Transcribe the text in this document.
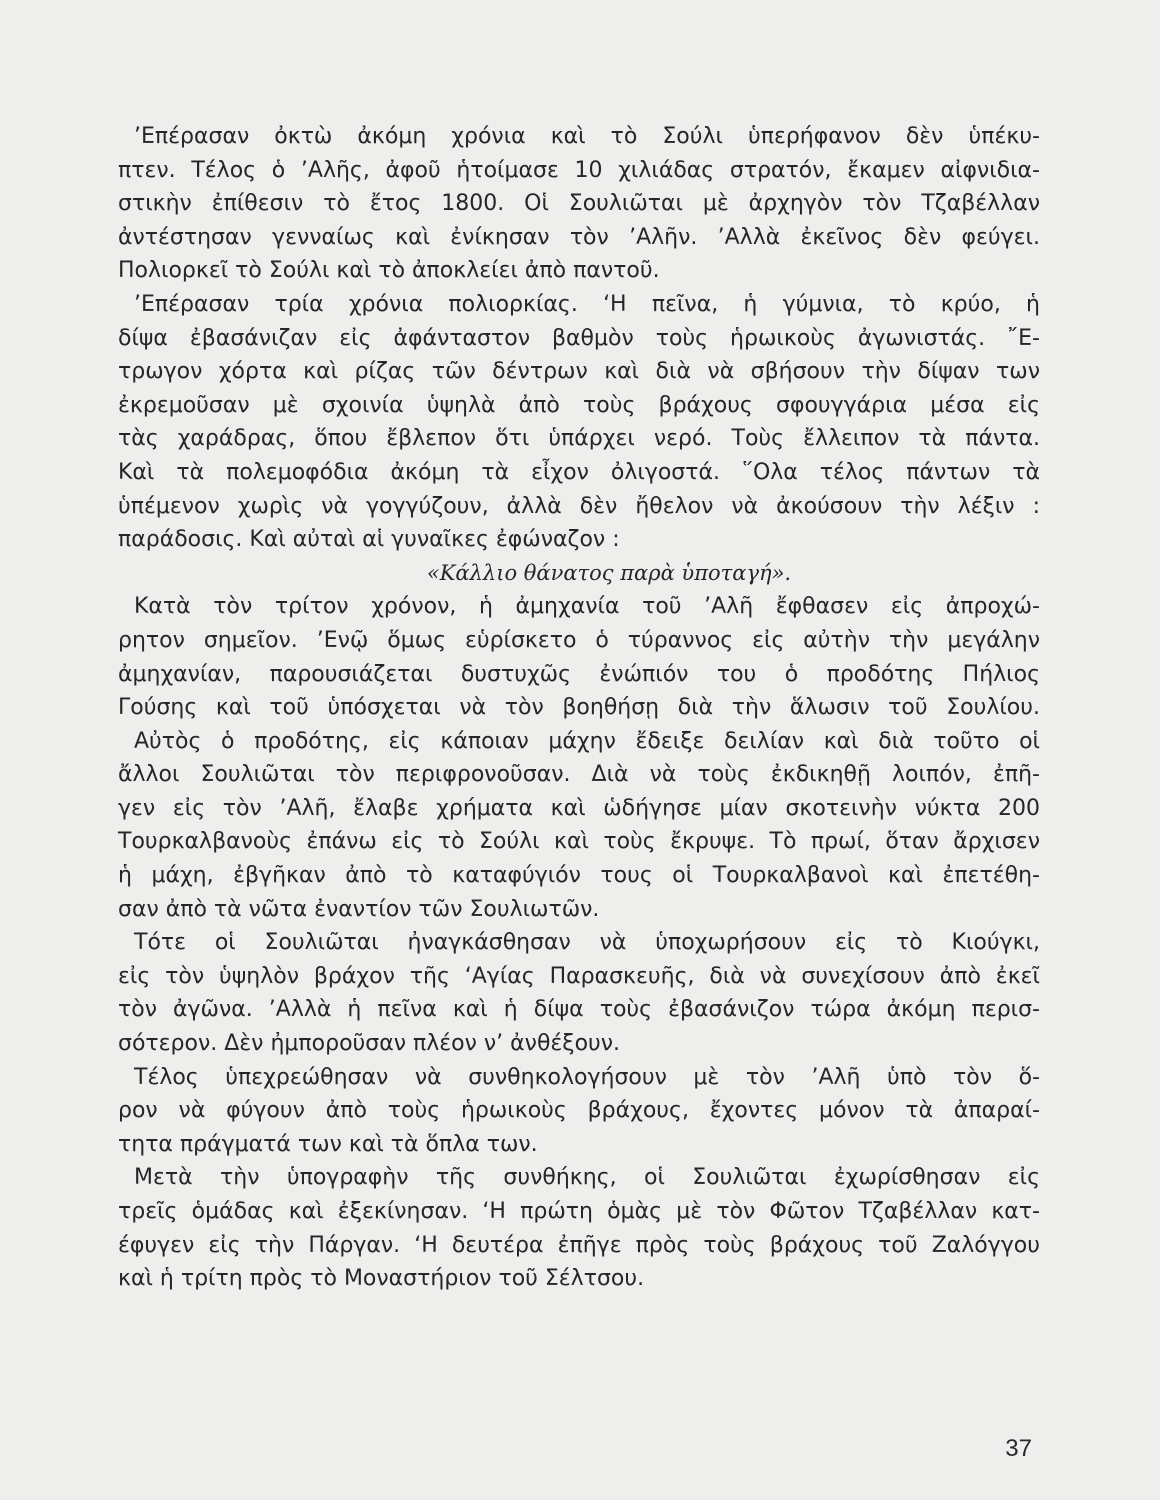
’Επέρασαν ὀκτὼ ἀκόμη χρόνια καὶ τὸ Σούλι ὑπερήφανον δὲν ὑπέκυ-
πτεν. Τέλος ὁ ’Αλῆς, ἀφοῦ ἡτοίμασε 10 χιλιάδας στρατόν, ἔκαμεν αἰφνιδια-
στικὴν ἐπίθεσιν τὸ ἔτος 1800. Οἱ Σουλιῶται μὲ ἀρχηγὸν τὸν Τζαβέλλαν
ἀντέστησαν γενναίως καὶ ἐνίκησαν τὸν ’Αλῆν. ’Αλλὰ ἐκεῖνος δὲν φεύγει.
Πολιορκεῖ τὸ Σούλι καὶ τὸ ἀποκλείει ἀπὸ παντοῦ.
’Επέρασαν τρία χρόνια πολιορκίας. ‘Η πεῖνα, ἡ γύμνια, τὸ κρύο, ἡ
δίψα ἐβασάνιζαν εἰς ἀφάνταστον βαθμὸν τοὺς ἡρωικοὺς ἀγωνιστάς. ῎Ε-
τρωγον χόρτα καὶ ρίζας τῶν δέντρων καὶ διὰ νὰ σβήσουν τὴν δίψαν των
ἐκρεμοῦσαν μὲ σχοινία ὑψηλὰ ἀπὸ τοὺς βράχους σφουγγάρια μέσα εἰς
τὰς χαράδρας, ὅπου ἔβλεπον ὅτι ὑπάρχει νερό. Τοὺς ἔλλειπον τὰ πάντα.
Καὶ τὰ πολεμοφόδια ἀκόμη τὰ εἶχον ὀλιγοστά. ῞Ολα τέλος πάντων τὰ
ὑπέμενον χωρὶς νὰ γογγύζουν, ἀλλὰ δὲν ἤθελον νὰ ἀκούσουν τὴν λέξιν :
παράδοσις. Καὶ αὐταὶ αἱ γυναῖκες ἐφώναζον :
«Κάλλιο θάνατος παρὰ ὑποταγή».
Κατὰ τὸν τρίτον χρόνον, ἡ ἀμηχανία τοῦ ’Αλῆ ἔφθασεν εἰς ἀπροχώ-
ρητον σημεῖον. ’Ενῷ ὅμως εὑρίσκετο ὁ τύραννος εἰς αὐτὴν τὴν μεγάλην
ἀμηχανίαν, παρουσιάζεται δυστυχῶς ἐνώπιόν του ὁ προδότης Πήλιος
Γούσης καὶ τοῦ ὑπόσχεται νὰ τὸν βοηθήσῃ διὰ τὴν ἅλωσιν τοῦ Σουλίου.
Αὐτὸς ὁ προδότης, εἰς κάποιαν μάχην ἔδειξε δειλίαν καὶ διὰ τοῦτο οἱ
ἄλλοι Σουλιῶται τὸν περιφρονοῦσαν. Διὰ νὰ τοὺς ἐκδικηθῇ λοιπόν, ἐπῆ-
γεν εἰς τὸν ’Αλῆ, ἔλαβε χρήματα καὶ ὡδήγησε μίαν σκοτεινὴν νύκτα 200
Τουρκαλβανοὺς ἐπάνω εἰς τὸ Σούλι καὶ τοὺς ἔκρυψε. Τὸ πρωί, ὅταν ἄρχισεν
ἡ μάχη, ἐβγῆκαν ἀπὸ τὸ καταφύγιόν τους οἱ Τουρκαλβανοὶ καὶ ἐπετέθη-
σαν ἀπὸ τὰ νῶτα ἐναντίον τῶν Σουλιωτῶν.
Τότε οἱ Σουλιῶται ἠναγκάσθησαν νὰ ὑποχωρήσουν εἰς τὸ Κιούγκι,
εἰς τὸν ὑψηλὸν βράχον τῆς ‘Αγίας Παρασκευῆς, διὰ νὰ συνεχίσουν ἀπὸ ἐκεῖ
τὸν ἀγῶνα. ’Αλλὰ ἡ πεῖνα καὶ ἡ δίψα τοὺς ἐβασάνιζον τώρα ἀκόμη περισ-
σότερον. Δὲν ἠμποροῦσαν πλέον ν’ ἀνθέξουν.
Τέλος ὑπεχρεώθησαν νὰ συνθηκολογήσουν μὲ τὸν ’Αλῆ ὑπὸ τὸν ὅ-
ρον νὰ φύγουν ἀπὸ τοὺς ἡρωικοὺς βράχους, ἔχοντες μόνον τὰ ἀπαραί-
τητα πράγματά των καὶ τὰ ὅπλα των.
Μετὰ τὴν ὑπογραφὴν τῆς συνθήκης, οἱ Σουλιῶται ἐχωρίσθησαν εἰς
τρεῖς ὁμάδας καὶ ἐξεκίνησαν. ‘Η πρώτη ὁμὰς μὲ τὸν Φῶτον Τζαβέλλαν κατ-
έφυγεν εἰς τὴν Πάργαν. ‘Η δευτέρα ἐπῆγε πρὸς τοὺς βράχους τοῦ Ζαλόγγου
καὶ ἡ τρίτη πρὸς τὸ Μοναστήριον τοῦ Σέλτσου.
37
